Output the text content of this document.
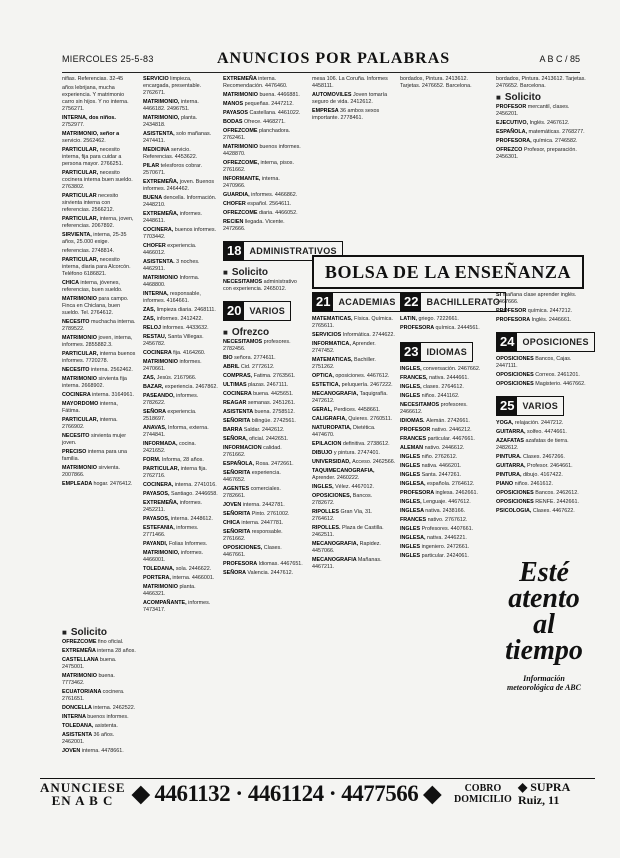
MIERCOLES 25-5-83	ANUNCIOS POR PALABRAS	A B C / 85

nifias. Referencias. 32-45

años lebrijana, mucha experiencia. Y matrimonio carro sin hijos. Y no interna. 2756271.

INTERNA, dos niños. 2752977.

MATRIMONIO, señor a servicio. 2562462.

PARTICULAR, necesito interna, fija para cuidar a persona mayor. 2766251.

PARTICULAR, necesito cocinera interna buen sueldo. 2763802.

PARTICULAR necesito sirvienta interna con referencias. 2566212.

PARTICULAR, interna, joven, referencias. 2067892.

SIRVIENTA, interna, 25-35 años, 25.000 exige.

referencias. 2748814.

PARTICULAR, necesito interna, diaria para Alcorcón. Teléfono 6186821.

CHICA interna, jóvenes, referencias, buen sueldo.

MATRIMONIO para campo. Finca en Chiclana, buen sueldo. Tel. 2764612.

NECESITO muchacha interna. 2789522.

MATRIMONIO joven, interna, informes. 2855882.3.

PARTICULAR, interna buenos informes. 7720278.

NECESITO interna. 2562462.

MATRIMONIO sirvienta fija interna. 2668902.

COCINERA interna. 3164961.

MAYORDOMO interna, Fátima.

PARTICULAR, interna. 2766902.

NECESITO sirvienta mujer joven.

PRECISO interna para una familia.

MATRIMONIO sirvienta. 2007866.

EMPLEADA hogar. 2476412.

■ Solicito

OFREZCOME fino oficial.

EXTREMEÑA interna 28 años.

CASTELLANA buena. 2475001.

MATRIMONIO buena. 7773462.

ECUATORIANA cocinera. 2761651.

DONCELLA interna. 2462522.

INTERNA buenos informes.

TOLEDANA, asistenta.

ASISTENTA 36 años. 2462001.

JOVEN interna. 4478661.

SERVICIO limpieza, encargada, presentable. 2762671.

MATRIMONIO, interna. 4466182. 2496751.

MATRIMONIO, planta. 2434818.

ASISTENTA, solo mañanas. 2474411.

MEDICINA servicio. Referencias. 4453622.

PILAR telesforos cobrar. 2570671.

EXTREMEÑA, joven. Buenos informes. 2464462.

BUENA dencella. Información. 2448210.

EXTREMEÑA, informes. 2448611.

COCINERA, buenos informes. 7703442.

CHOFER experiencia. 4466012.

ASISTENTA. 3 noches. 4462911.

MATRIMONIO Informa. 4468800.

INTERNA, responsable, informes. 4164661.

ZAS, limpieza diaria. 2468111.

ZAS, informes. 2412422.

RELOJ informes. 4433632.

RESTAU, Santa Villegas. 2456782.

COCINERA fija. 4164260.

MATRIMONIO informes. 2470661.

ZAS, Jesús. 2167966.

BAZAR, experiencia. 2467862.

PASEANDO, informes. 2782622.

SEÑORA experiencia. 2518697.

ANAVAS, Informa, externa. 2744841.

INFORMADA, cocina. 2421652.

FORM. Informa, 28 años.

PARTICULAR, interna fija. 2762716.

COCINERA, interna. 2741016.

PAYASOS, Santiago. 2446658.

EXTREMEÑA, informes. 2452211.

PAYASOS, interna. 2448612.

ESTEFANIA, informes. 2771466.

PAYANDI, Folias Informes.

MATRIMONIO, informes. 4466001.

TOLEDANA, sola. 2446622.

PORTERA, interna. 4466001.

MATRIMONIO planta. 4466321.

ACOMPAÑANTE, informes. 7473417.

EXTREMEÑA interna. Recomendación. 4476460.

MATRIMONIO buena. 4466881.

MANOS pequeñas. 2447212.

PAYASOS Castellana. 4461022.

BODAS Ofrece. 4468271.

OFREZCOME planchadora. 2762461.

MATRIMONIO buenos informes. 4428870.

OFREZCOME, interna, pisos. 2761662.

INFORMANTE, interna. 2470966.

GUARDIA, informes. 4466862.

CHOFER español. 2564611.

OFREZCOME diaria. 4466052.

RECIEN llegada. Vicente. 2472666.

18 ADMINISTRATIVOS
■ Solicito

NECESITAMOS administrativo con experiencia. 2465012.

20 VARIOS
■ Ofrezco

NECESITAMOS profesores. 2782456.

BIO señora. 2774611.

ABRIL Cid. 2772612.

COMPRAS, Fatima. 2763561.

ULTIMAS plazas. 2467111.

COCINERA buena. 4425651.

REAGAR semanas. 2451261.

ASISTENTA buena. 2758512.

SEÑORITA bilingüe. 2742561.

BARRA Saldar. 2442612.

SEÑORA, oficial. 2442651.

INFORMACION calidad. 2761662.

ESPAÑOLA, Rosa. 2472661.

SEÑORITA experiencia. 4467652.

AGENTES comerciales. 2782661.

JOVEN interna. 2442781.

SEÑORITA Pinto. 2761002.

CHICA interna. 2447781.

SEÑORITA responsable. 2761662.

OPOSICIONES, Clases. 4467661.

PROFESORA Idiomas. 4467651.

SEÑORA Valencia. 2447612.

mesa 106. La Coruña. Informes 4458111.

AUTOMOVILES Joven tomaría seguro de vida. 2412612.

EMPRESA 36 ambos sexos importante. 2778461.

bordados, Pintura. 2413612. Tarjetas. 2476652. Barcelona.

BOLSA DE LA ENSEÑANZA
21 ACADEMIAS

MATEMATICAS, Física. Química. 2765611.

SERVICIOS Informática. 2744622.

INFORMATICA, Aprender. 2747452.

MATEMATICAS, Bachiller. 2751262.

OPTICA, oposiciones. 4467612.

ESTETICA, peluquería. 2467222.

MECANOGRAFIA, Taquigrafía. 2472612.

GERAL, Perdices. 4458661.

CALIGRAFIA, Quieres. 2760511.

NATUROPATIA, Dietética. 4474670.

EPILACION definitiva. 2738612.

DIBUJO y pintura. 2747401.

UNIVERSIDAD, Acceso. 2462566.

TAQUIMECANOGRAFIA, Aprender. 2460222.

INGLES, Vélez. 4467012.

OPOSICIONES, Bancos. 2782672.

RIPOLLES Gran Vía, 31. 2764612.

RIPOLLES. Plaza de Castilla. 2462511.

MECANOGRAFIA, Rapidez. 4457066.

MECANOGRAFIA Mañanas. 4467211.

22 BACHILLERATO

LATIN, griego. 7222661.

PROFESORA química. 2444561.

23 IDIOMAS

INGLES, conversación. 2467662.

FRANCES, nativa. 2444661.

INGLES, clases. 2764612.

INGLES niños. 2441162.

NECESITAMOS profesores. 2466612.

IDIOMAS. Alemán. 2742661.

PROFESOR nativo. 2446212.

FRANCES particular. 4467661.

ALEMAN nativo. 2446612.

INGLES niño. 2762612.

INGLES nativa. 4466201.

INGLES Santa. 2447261.

INGLESA, española. 2764612.

PROFESORA inglesa. 2462661.

INGLES, Lenguaje. 4467612.

INGLESA nativa. 2438166.

FRANCES nativo. 2767612.

INGLES Profesores. 4407661.

INGLESA, nativa. 2446221.

INGLES ingeniero. 2472661.

INGLES particular. 2424061.

bordados, Pintura. 2413612. Tarjetas. 2476652. Barcelona.

■ Solicito

PROFESOR mercantil, clases. 2456201.

EJECUTIVO, Inglés. 2467612.

ESPAÑOLA, matemáticas. 2768277.

PROFESORA, química. 2746582.

OFREZCO Profesor, preparación. 2456301.

SI mañana clase aprender inglés. 2467666.

PROFESOR química. 2447212.

PROFESORA Inglés. 2446661.

24 OPOSICIONES

OPOSICIONES Bancos, Cajas. 2447111.

OPOSICIONES Correos. 2461201.

OPOSICIONES Magisterio. 4467662.

25 VARIOS

YOGA, relajación. 2447212.

GUITARRA, solfeo. 4474661.

AZAFATAS azafatas de tierra. 2482612.

PINTURA. Clases. 2467266.

GUITARRA, Profesor. 2464661.

PINTURA, dibujo. 4167422.

PIANO niños. 2461612.

OPOSICIONES Bancos. 2462612.

OPOSICIONES RENFE. 2442661.

PSICOLOGIA, Clases. 4467622.

Esté
atento
al
tiempo
Información meteorológica de ABC
ANUNCIESE
EN A B C ◆ 4461132 · 4461124 · 4477566 ◆	COBRO
DOMICILIO
◆ SUPRA
Ruiz, 11
